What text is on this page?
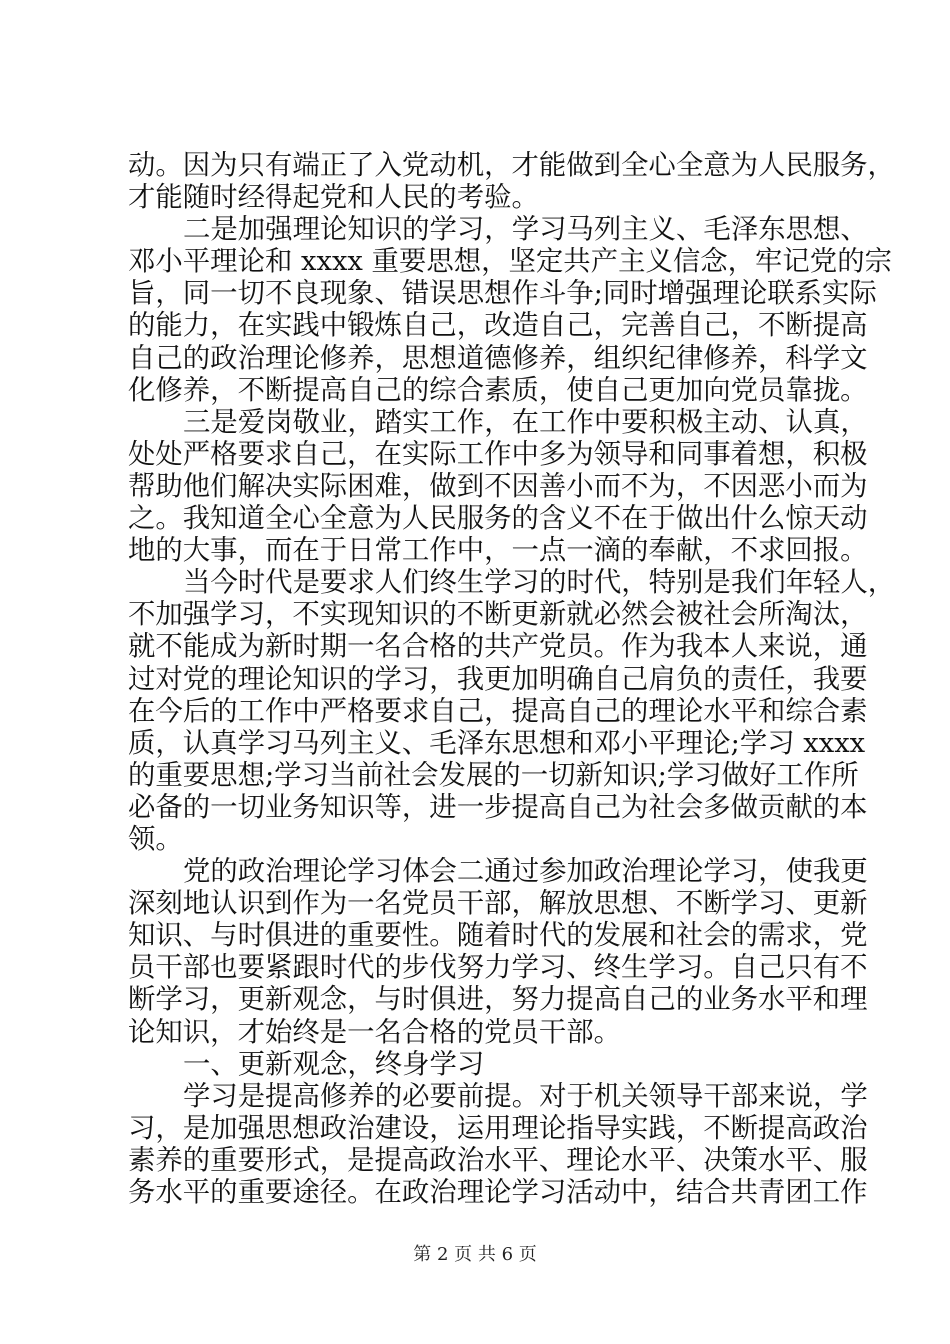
动。因为只有端正了入党动机，才能做到全心全意为人民服务，
才能随时经得起党和人民的考验。
二是加强理论知识的学习，学习马列主义、毛泽东思想、
邓小平理论和 xxxx 重要思想，坚定共产主义信念，牢记党的宗
旨，同一切不良现象、错误思想作斗争;同时增强理论联系实际
的能力，在实践中锻炼自己，改造自己，完善自己，不断提高
自己的政治理论修养，思想道德修养，组织纪律修养，科学文
化修养，不断提高自己的综合素质，使自己更加向党员靠拢。
三是爱岗敬业，踏实工作，在工作中要积极主动、认真，
处处严格要求自己，在实际工作中多为领导和同事着想，积极
帮助他们解决实际困难，做到不因善小而不为，不因恶小而为
之。我知道全心全意为人民服务的含义不在于做出什么惊天动
地的大事，而在于日常工作中，一点一滴的奉献，不求回报。
当今时代是要求人们终生学习的时代，特别是我们年轻人，
不加强学习，不实现知识的不断更新就必然会被社会所淘汰，
就不能成为新时期一名合格的共产党员。作为我本人来说，通
过对党的理论知识的学习，我更加明确自己肩负的责任，我要
在今后的工作中严格要求自己，提高自己的理论水平和综合素
质，认真学习马列主义、毛泽东思想和邓小平理论;学习 xxxx
的重要思想;学习当前社会发展的一切新知识;学习做好工作所
必备的一切业务知识等，进一步提高自己为社会多做贡献的本
领。
党的政治理论学习体会二通过参加政治理论学习，使我更
深刻地认识到作为一名党员干部，解放思想、不断学习、更新
知识、与时俱进的重要性。随着时代的发展和社会的需求，党
员干部也要紧跟时代的步伐努力学习、终生学习。自己只有不
断学习，更新观念，与时俱进，努力提高自己的业务水平和理
论知识，才始终是一名合格的党员干部。
一、更新观念，终身学习
学习是提高修养的必要前提。对于机关领导干部来说，学
习，是加强思想政治建设，运用理论指导实践，不断提高政治
素养的重要形式，是提高政治水平、理论水平、决策水平、服
务水平的重要途径。在政治理论学习活动中，结合共青团工作
第 2 页 共 6 页
